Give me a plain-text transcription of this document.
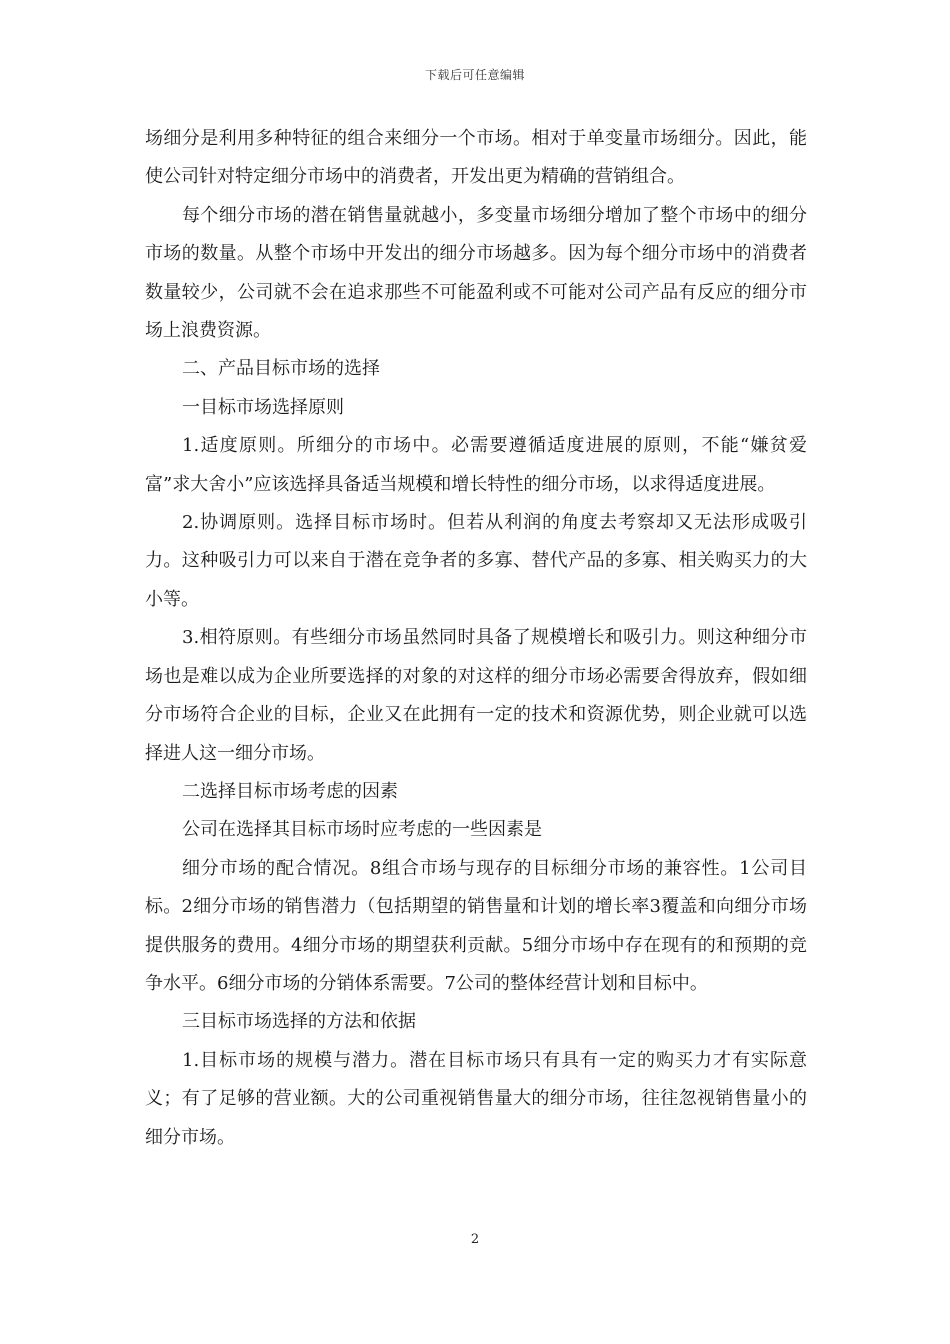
下载后可任意编辑

场细分是利用多种特征的组合来细分一个市场。相对于单变量市场细分。因此，能使公司针对特定细分市场中的消费者，开发出更为精确的营销组合。

每个细分市场的潜在销售量就越小，多变量市场细分增加了整个市场中的细分市场的数量。从整个市场中开发出的细分市场越多。因为每个细分市场中的消费者数量较少，公司就不会在追求那些不可能盈利或不可能对公司产品有反应的细分市场上浪费资源。

二、产品目标市场的选择

一目标市场选择原则

1.适度原则。所细分的市场中。必需要遵循适度进展的原则，不能“嫌贫爱富”求大舍小”应该选择具备适当规模和增长特性的细分市场，以求得适度进展。

2.协调原则。选择目标市场时。但若从利润的角度去考察却又无法形成吸引力。这种吸引力可以来自于潜在竞争者的多寡、替代产品的多寡、相关购买力的大小等。

3.相符原则。有些细分市场虽然同时具备了规模增长和吸引力。则这种细分市场也是难以成为企业所要选择的对象的对这样的细分市场必需要舍得放弃，假如细分市场符合企业的目标，企业又在此拥有一定的技术和资源优势，则企业就可以选择进人这一细分市场。

二选择目标市场考虑的因素

公司在选择其目标市场时应考虑的一些因素是

细分市场的配合情况。8组合市场与现存的目标细分市场的兼容性。1公司目标。2细分市场的销售潜力（包括期望的销售量和计划的增长率3覆盖和向细分市场提供服务的费用。4细分市场的期望获利贡献。5细分市场中存在现有的和预期的竞争水平。6细分市场的分销体系需要。7公司的整体经营计划和目标中。

三目标市场选择的方法和依据

1.目标市场的规模与潜力。潜在目标市场只有具有一定的购买力才有实际意义；有了足够的营业额。大的公司重视销售量大的细分市场，往往忽视销售量小的细分市场。

2
